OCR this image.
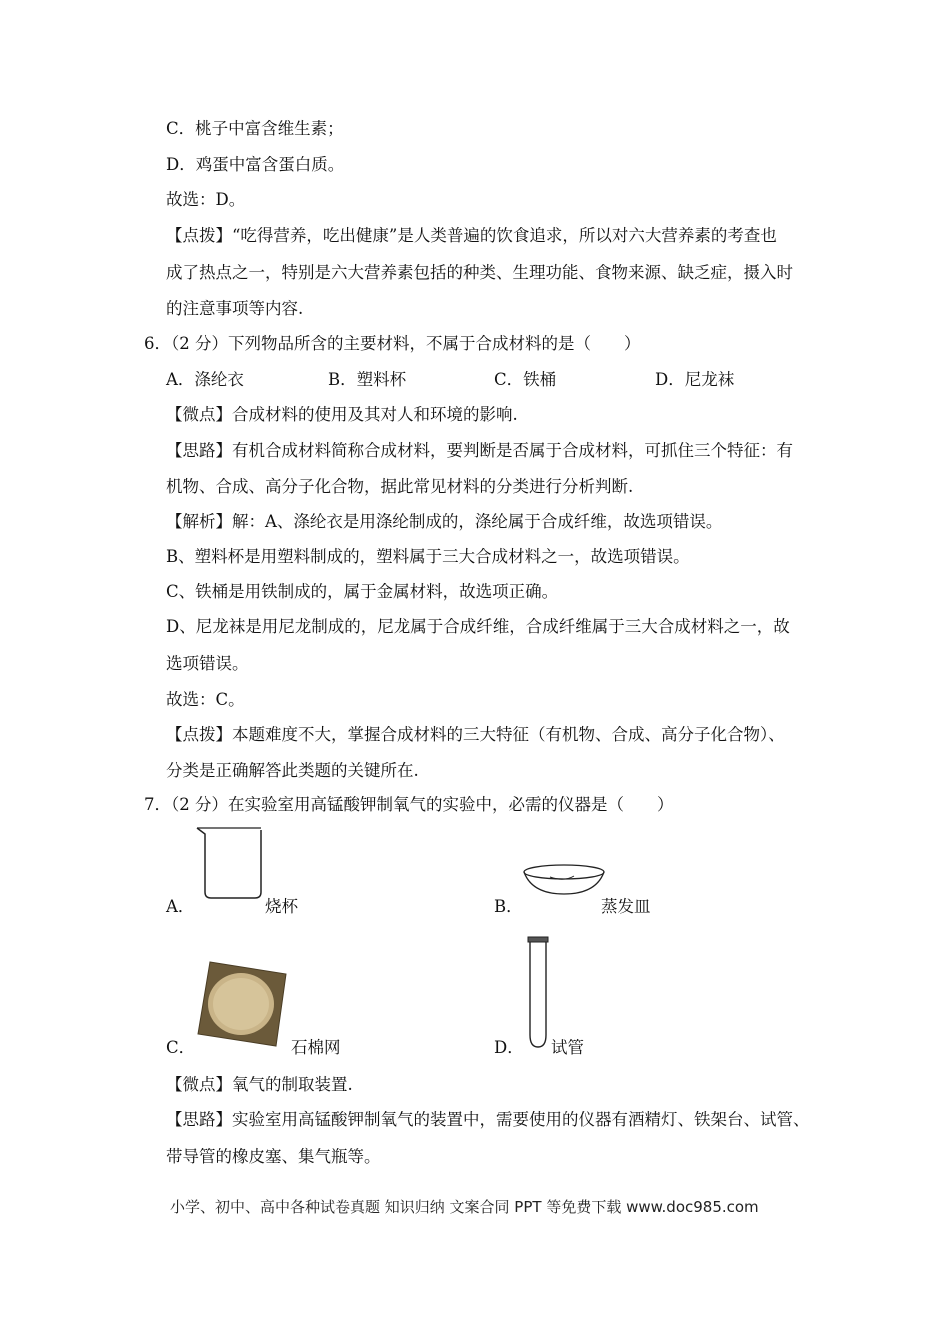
C．桃子中富含维生素；
D．鸡蛋中富含蛋白质。
故选：D。
【点拨】“吃得营养，吃出健康”是人类普遍的饮食追求，所以对六大营养素的考查也
成了热点之一，特别是六大营养素包括的种类、生理功能、食物来源、缺乏症，摄入时
的注意事项等内容.
6．（2 分）下列物品所含的主要材料，不属于合成材料的是（　　）
A．涤纶衣	B．塑料杯	C．铁桶	D．尼龙袜
【微点】合成材料的使用及其对人和环境的影响.
【思路】有机合成材料简称合成材料，要判断是否属于合成材料，可抓住三个特征：有
机物、合成、高分子化合物，据此常见材料的分类进行分析判断.
【解析】解：A、涤纶衣是用涤纶制成的，涤纶属于合成纤维，故选项错误。
B、塑料杯是用塑料制成的，塑料属于三大合成材料之一，故选项错误。
C、铁桶是用铁制成的，属于金属材料，故选项正确。
D、尼龙袜是用尼龙制成的，尼龙属于合成纤维，合成纤维属于三大合成材料之一，故
选项错误。
故选：C。
【点拨】本题难度不大，掌握合成材料的三大特征（有机物、合成、高分子化合物）、
分类是正确解答此类题的关键所在.
7．（2 分）在实验室用高锰酸钾制氧气的实验中，必需的仪器是（　　）
A．	烧杯	B．	蒸发皿
C．	石棉网	D． 试管
【微点】氧气的制取装置.
【思路】实验室用高锰酸钾制氧气的装置中，需要使用的仪器有酒精灯、铁架台、试管、
带导管的橡皮塞、集气瓶等。
小学、初中、高中各种试卷真题 知识归纳 文案合同 PPT 等免费下载 www.doc985.com
